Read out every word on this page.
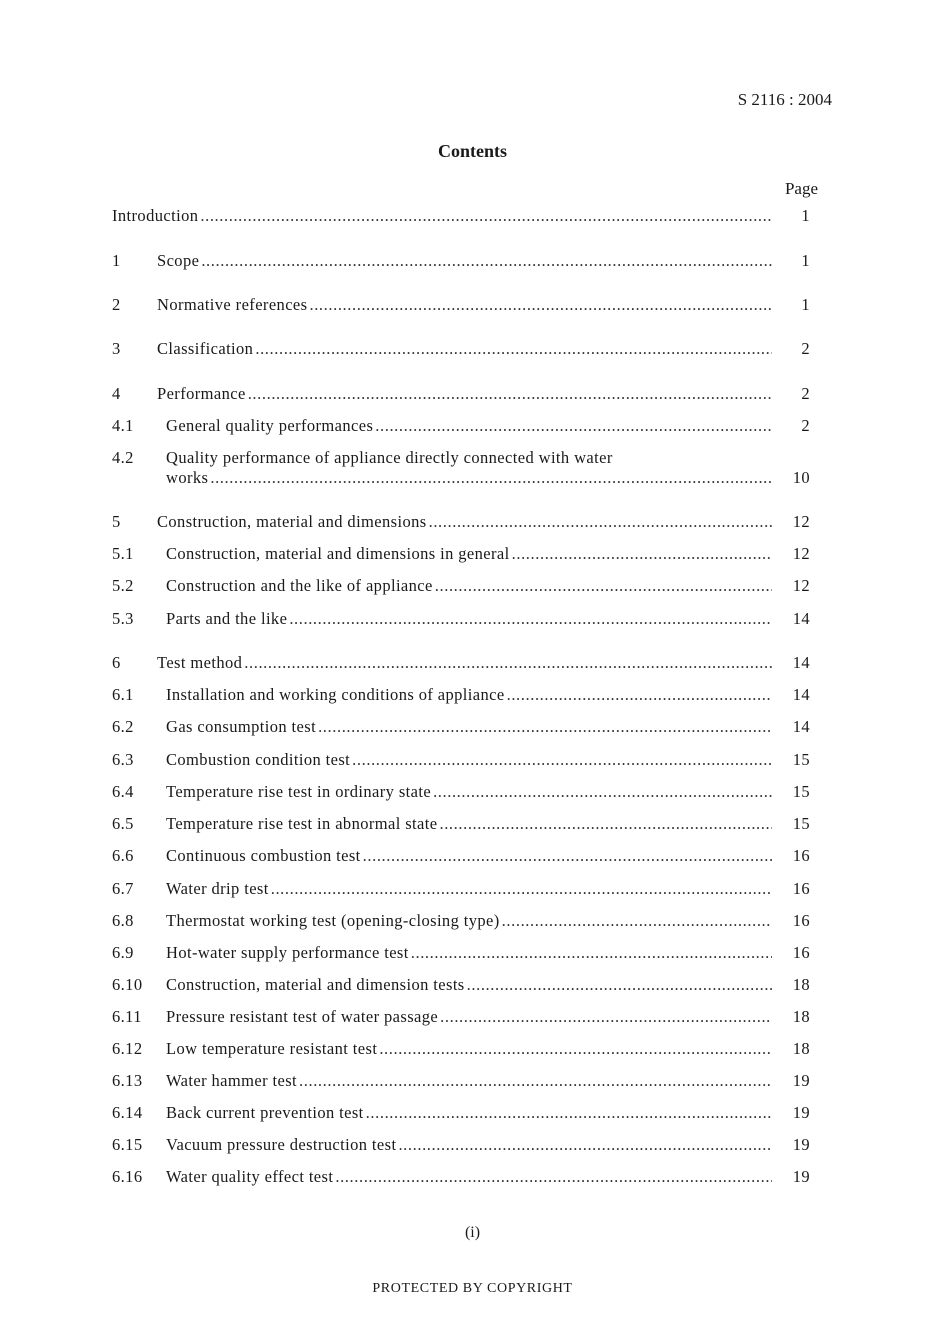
S 2116 : 2004
Contents
Page
Introduction .....	1
1 Scope .....	1
2 Normative references .....	1
3 Classification .....	2
4 Performance .....	2
4.1 General quality performances .....	2
4.2 Quality performance of appliance directly connected with water
works .....	10
5 Construction, material and dimensions .....	12
5.1 Construction, material and dimensions in general .....	12
5.2 Construction and the like of appliance .....	12
5.3 Parts and the like .....	14
6 Test method .....	14
6.1 Installation and working conditions of appliance .....	14
6.2 Gas consumption test .....	14
6.3 Combustion condition test .....	15
6.4 Temperature rise test in ordinary state .....	15
6.5 Temperature rise test in abnormal state .....	15
6.6 Continuous combustion test .....	16
6.7 Water drip test .....	16
6.8 Thermostat working test (opening-closing type) .....	16
6.9 Hot-water supply performance test .....	16
6.10 Construction, material and dimension tests .....	18
6.11 Pressure resistant test of water passage .....	18
6.12 Low temperature resistant test .....	18
6.13 Water hammer test .....	19
6.14 Back current prevention test .....	19
6.15 Vacuum pressure destruction test .....	19
6.16 Water quality effect test .....	19
(i)
PROTECTED BY COPYRIGHT
